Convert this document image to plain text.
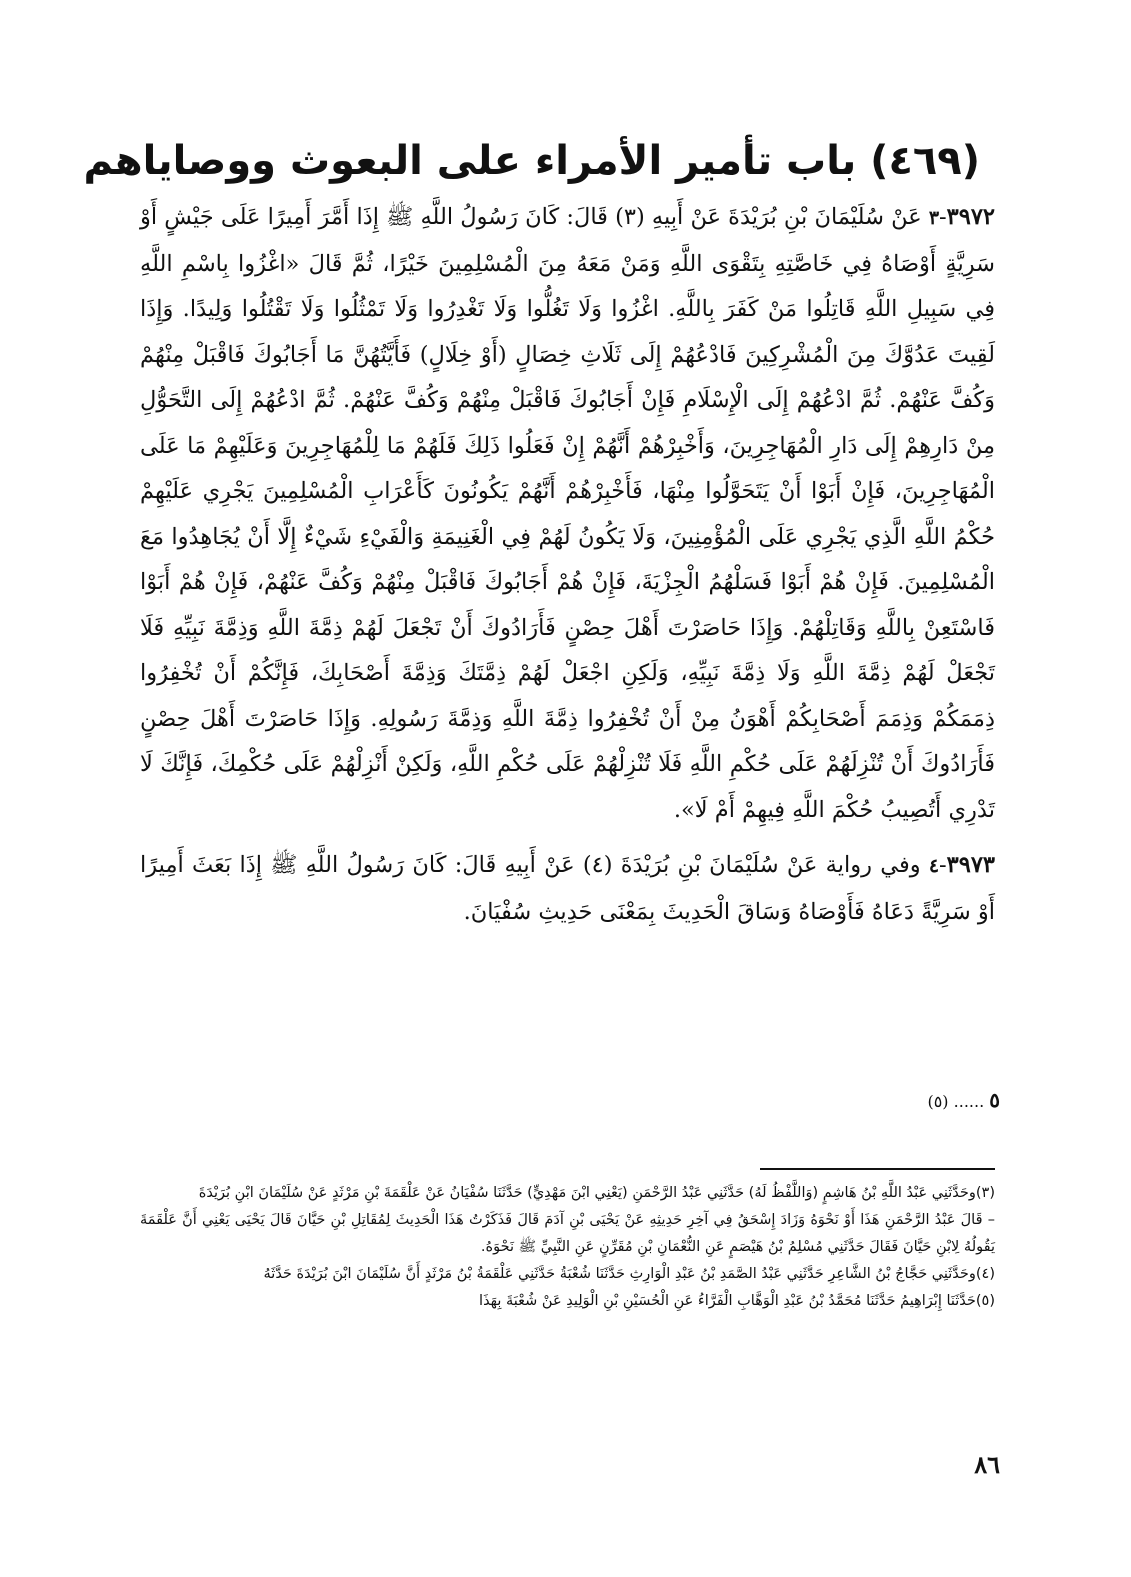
(٤٦٩) باب تأمير الأمراء على البعوث ووصاياهم

٣٩٧٢-٣ عَنْ سُلَيْمَانَ بْنِ بُرَيْدَةَ عَنْ أَبِيهِ (٣) قَالَ: كَانَ رَسُولُ اللَّهِ ﷺ إِذَا أَمَّرَ أَمِيرًا عَلَى جَيْشٍ أَوْ سَرِيَّةٍ أَوْصَاهُ فِي خَاصَّتِهِ بِتَقْوَى اللَّهِ وَمَنْ مَعَهُ مِنَ الْمُسْلِمِينَ خَيْرًا، ثُمَّ قَالَ «اغْزُوا بِاسْمِ اللَّهِ فِي سَبِيلِ اللَّهِ قَاتِلُوا مَنْ كَفَرَ بِاللَّهِ. اغْزُوا وَلَا تَغُلُّوا وَلَا تَغْدِرُوا وَلَا تَمْثُلُوا وَلَا تَقْتُلُوا وَلِيدًا. وَإِذَا لَقِيتَ عَدُوَّكَ مِنَ الْمُشْرِكِينَ فَادْعُهُمْ إِلَى ثَلَاثِ خِصَالٍ (أَوْ خِلَالٍ) فَأَيَّتُهُنَّ مَا أَجَابُوكَ فَاقْبَلْ مِنْهُمْ وَكُفَّ عَنْهُمْ. ثُمَّ ادْعُهُمْ إِلَى الْإِسْلَامِ فَإِنْ أَجَابُوكَ فَاقْبَلْ مِنْهُمْ وَكُفَّ عَنْهُمْ. ثُمَّ ادْعُهُمْ إِلَى التَّحَوُّلِ مِنْ دَارِهِمْ إِلَى دَارِ الْمُهَاجِرِينَ، وَأَخْبِرْهُمْ أَنَّهُمْ إِنْ فَعَلُوا ذَلِكَ فَلَهُمْ مَا لِلْمُهَاجِرِينَ وَعَلَيْهِمْ مَا عَلَى الْمُهَاجِرِينَ، فَإِنْ أَبَوْا أَنْ يَتَحَوَّلُوا مِنْهَا، فَأَخْبِرْهُمْ أَنَّهُمْ يَكُونُونَ كَأَعْرَابِ الْمُسْلِمِينَ يَجْرِي عَلَيْهِمْ حُكْمُ اللَّهِ الَّذِي يَجْرِي عَلَى الْمُؤْمِنِينَ، وَلَا يَكُونُ لَهُمْ فِي الْغَنِيمَةِ وَالْفَيْءِ شَيْءٌ إِلَّا أَنْ يُجَاهِدُوا مَعَ الْمُسْلِمِينَ. فَإِنْ هُمْ أَبَوْا فَسَلْهُمُ الْجِزْيَةَ، فَإِنْ هُمْ أَجَابُوكَ فَاقْبَلْ مِنْهُمْ وَكُفَّ عَنْهُمْ، فَإِنْ هُمْ أَبَوْا فَاسْتَعِنْ بِاللَّهِ وَقَاتِلْهُمْ. وَإِذَا حَاصَرْتَ أَهْلَ حِصْنٍ فَأَرَادُوكَ أَنْ تَجْعَلَ لَهُمْ ذِمَّةَ اللَّهِ وَذِمَّةَ نَبِيِّهِ فَلَا تَجْعَلْ لَهُمْ ذِمَّةَ اللَّهِ وَلَا ذِمَّةَ نَبِيِّهِ، وَلَكِنِ اجْعَلْ لَهُمْ ذِمَّتَكَ وَذِمَّةَ أَصْحَابِكَ، فَإِنَّكُمْ أَنْ تُخْفِرُوا ذِمَمَكُمْ وَذِمَمَ أَصْحَابِكُمْ أَهْوَنُ مِنْ أَنْ تُخْفِرُوا ذِمَّةَ اللَّهِ وَذِمَّةَ رَسُولِهِ. وَإِذَا حَاصَرْتَ أَهْلَ حِصْنٍ فَأَرَادُوكَ أَنْ تُنْزِلَهُمْ عَلَى حُكْمِ اللَّهِ فَلَا تُنْزِلْهُمْ عَلَى حُكْمِ اللَّهِ، وَلَكِنْ أَنْزِلْهُمْ عَلَى حُكْمِكَ، فَإِنَّكَ لَا تَدْرِي أَتُصِيبُ حُكْمَ اللَّهِ فِيهِمْ أَمْ لَا».

٣٩٧٣-٤ وفي رواية عَنْ سُلَيْمَانَ بْنِ بُرَيْدَةَ (٤) عَنْ أَبِيهِ قَالَ: كَانَ رَسُولُ اللَّهِ ﷺ إِذَا بَعَثَ أَمِيرًا أَوْ سَرِيَّةً دَعَاهُ فَأَوْصَاهُ وَسَاقَ الْحَدِيثَ بِمَعْنَى حَدِيثِ سُفْيَانَ.

٥ ...... (٥)

(٣)وحَدَّثَنِي عَبْدُ اللَّهِ بْنُ هَاشِمٍ (وَاللَّفْظُ لَهُ) حَدَّثَنِي عَبْدُ الرَّحْمَنِ (يَعْنِي ابْنَ مَهْدِيٍّ) حَدَّثَنَا سُفْيَانُ عَنْ عَلْقَمَةَ بْنِ مَرْثَدٍ عَنْ سُلَيْمَانَ ابْنِ بُرَيْدَةَ

– قَالَ عَبْدُ الرَّحْمَنِ هَذَا أَوْ نَحْوَهُ وَزَادَ إِسْحَقُ فِي آخِرِ حَدِيثِهِ عَنْ يَحْيَى بْنِ آدَمَ قَالَ فَذَكَرْتُ هَذَا الْحَدِيثَ لِمُقَاتِلِ بْنِ حَيَّانَ قَالَ يَحْيَى يَعْنِي أَنَّ عَلْقَمَةَ يَقُولُهُ لِابْنِ حَيَّانَ فَقَالَ حَدَّثَنِي مُسْلِمُ بْنُ هَيْصَمٍ عَنِ النُّعْمَانِ بْنِ مُقَرِّنٍ عَنِ النَّبِيِّ ﷺ نَحْوَهُ.

(٤)وحَدَّثَنِي حَجَّاجُ بْنُ الشَّاعِرِ حَدَّثَنِي عَبْدُ الصَّمَدِ بْنُ عَبْدِ الْوَارِثِ حَدَّثَنَا شُعْبَةُ حَدَّثَنِي عَلْقَمَةُ بْنُ مَرْثَدٍ أَنَّ سُلَيْمَانَ ابْنَ بُرَيْدَةَ حَدَّثَهُ

(٥)حَدَّثَنَا إِبْرَاهِيمُ حَدَّثَنَا مُحَمَّدُ بْنُ عَبْدِ الْوَهَّابِ الْفَرَّاءُ عَنِ الْحُسَيْنِ بْنِ الْوَلِيدِ عَنْ شُعْبَةَ بِهَذَا

٨٦
